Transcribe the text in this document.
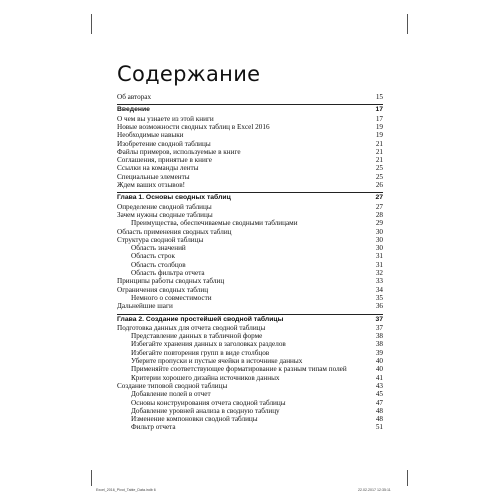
Содержание
Об авторах	15
Введение	17
О чем вы узнаете из этой книги	17
Новые возможности сводных таблиц в Excel 2016	19
Необходимые навыки	19
Изобретение сводной таблицы	21
Файлы примеров, используемые в книге	21
Соглашения, принятые в книге	21
Ссылки на команды ленты	25
Специальные элементы	25
Ждем ваших отзывов!	26
Глава 1. Основы сводных таблиц	27
Определение сводной таблицы	27
Зачем нужны сводные таблицы	28
Преимущества, обеспечиваемые сводными таблицами	29
Область применения сводных таблиц	30
Структура сводной таблицы	30
Область значений	30
Область строк	31
Область столбцов	31
Область фильтра отчета	32
Принципы работы сводных таблиц	33
Ограничения сводных таблиц	34
Немного о совместимости	35
Дальнейшие шаги	36
Глава 2. Создание простейшей сводной таблицы	37
Подготовка данных для отчета сводной таблицы	37
Представление данных в табличной форме	38
Избегайте хранения данных в заголовках разделов	38
Избегайте повторения групп в виде столбцов	39
Уберите пропуски и пустые ячейки в источнике данных	40
Применяйте соответствующее форматирование к разным типам полей	40
Критерии хорошего дизайна источников данных	41
Создание типовой сводной таблицы	43
Добавление полей в отчет	45
Основы конструирования отчета сводной таблицы	47
Добавление уровней анализа в сводную таблицу	48
Изменение компоновки сводной таблицы	48
Фильтр отчета	51
Excel_2016_Pivot_Table_Data.indb 6	22.02.2017 12:35:11
